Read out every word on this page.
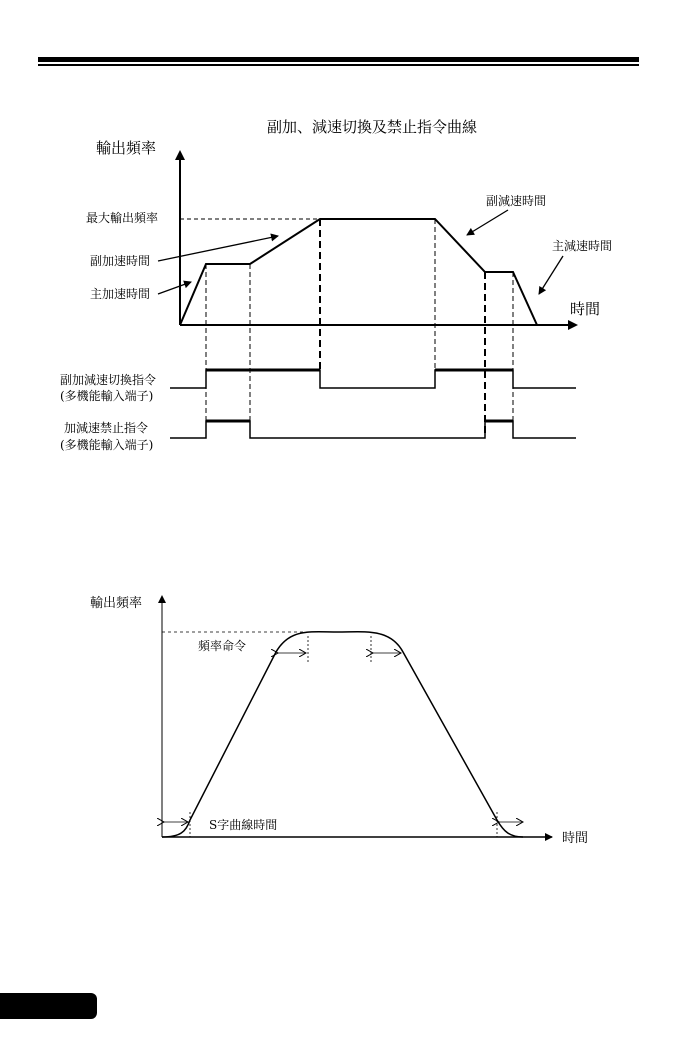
副加、減速切換及禁止指令曲線
輸出頻率
時間
最大輸出頻率
副加速時間
主加速時間
副減速時間
主減速時間
副加減速切換指令
(多機能輸入端子)
加減速禁止指令
(多機能輸入端子)
輸出頻率
時間
頻率命令
S字曲線時間
